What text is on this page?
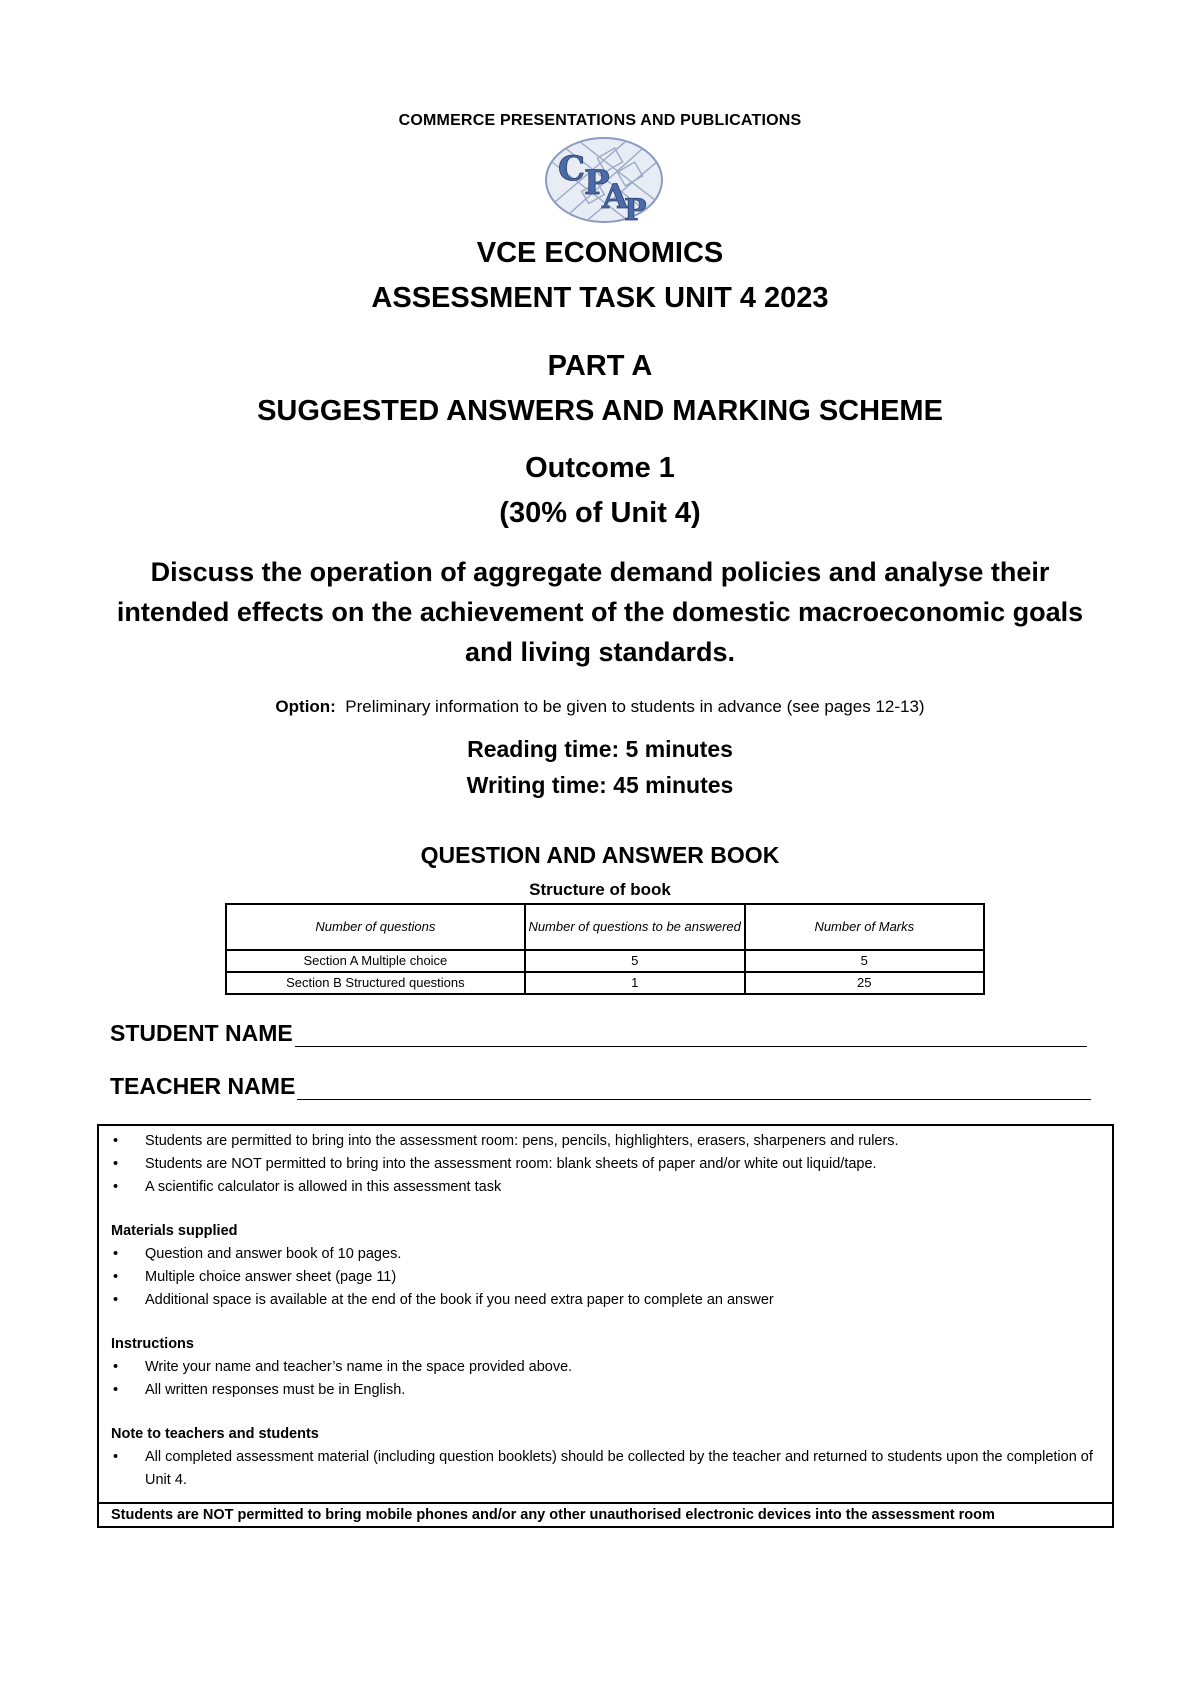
COMMERCE PRESENTATIONS AND PUBLICATIONS
C
P
A
P
VCE ECONOMICS
ASSESSMENT TASK UNIT 4 2023
PART A
SUGGESTED ANSWERS AND MARKING SCHEME
Outcome 1
(30% of Unit 4)
Discuss the operation of aggregate demand policies and analyse their intended effects on the achievement of the domestic macroeconomic goals and living standards.
Option: Preliminary information to be given to students in advance (see pages 12-13)
Reading time: 5 minutes
Writing time: 45 minutes
QUESTION AND ANSWER BOOK
Structure of book
Number of questions	Number of questions to be answered	Number of Marks
Section A Multiple choice	5	5
Section B Structured questions	1	25
STUDENT NAME
TEACHER NAME
• Students are permitted to bring into the assessment room: pens, pencils, highlighters, erasers, sharpeners and rulers.
• Students are NOT permitted to bring into the assessment room: blank sheets of paper and/or white out liquid/tape.
• A scientific calculator is allowed in this assessment task
Materials supplied
• Question and answer book of 10 pages.
• Multiple choice answer sheet (page 11)
• Additional space is available at the end of the book if you need extra paper to complete an answer
Instructions
• Write your name and teacher’s name in the space provided above.
• All written responses must be in English.
Note to teachers and students
• All completed assessment material (including question booklets) should be collected by the teacher and returned to students upon the completion of Unit 4.
Students are NOT permitted to bring mobile phones and/or any other unauthorised electronic devices into the assessment room
